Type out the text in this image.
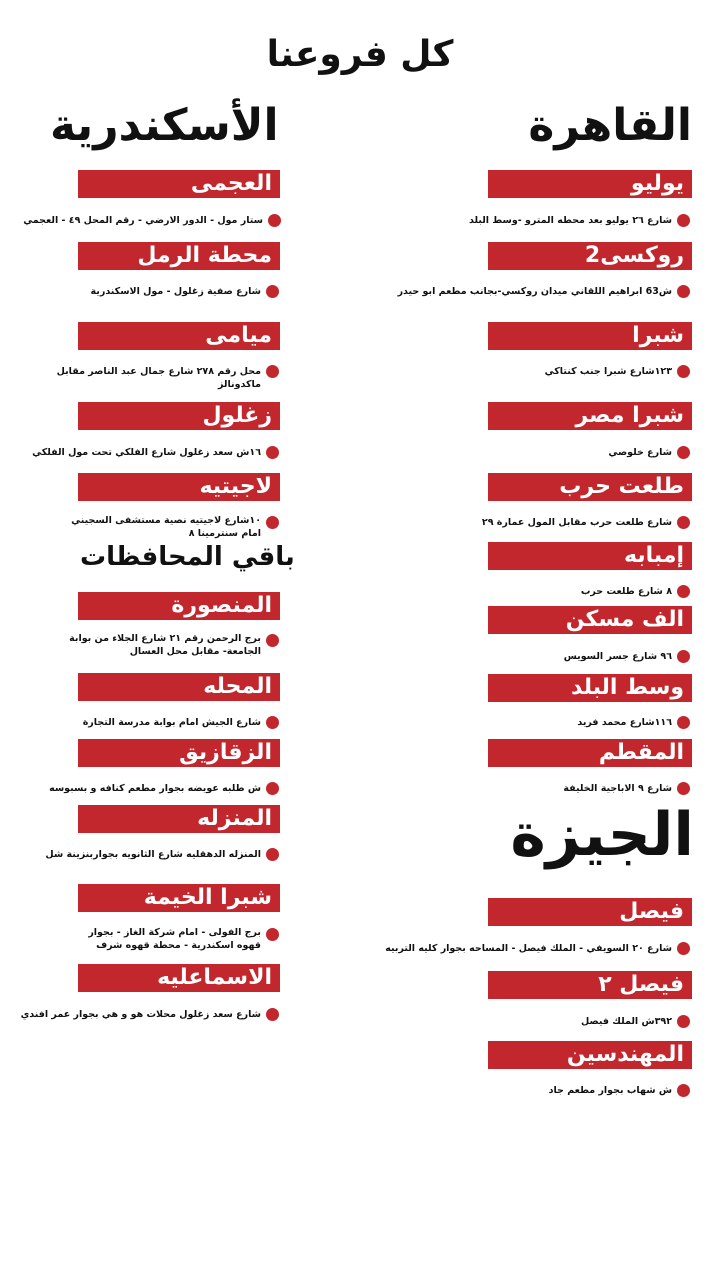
كل فروعنا
القاهرة
يوليو
شارع ٢٦ يوليو بعد محطه المترو -وسط البلد
روكسى2
ش63 ابراهيم اللقاني ميدان روكسي-بجانب مطعم ابو حيدر
شبرا
١٢٣شارع شبرا جنب كنتاكي
شبرا مصر
شارع خلوصي
طلعت حرب
شارع طلعت حرب مقابل المول عمارة ٢٩
إمبابه
٨ شارع طلعت حرب
الف مسكن
٩٦ شارع جسر السويس
وسط البلد
١١٦شارع محمد فريد
المقطم
شارع ٩ الاباجية الخليفة
الجيزة
فيصل
شارع ٢٠ السويفي - الملك فيصل - المساحه بجوار كليه التربيه
فيصل ٢
٣٩٢ش الملك فيصل
المهندسين
ش شهاب بجوار مطعم جاد
الأسكندرية
العجمى
ستار مول - الدور الارضي - رقم المحل ٤٩ - العجمي
محطة الرمل
شارع صفية زغلول - مول الاسكندرية
ميامى
محل رقم ٢٧٨ شارع جمال عبد الناصر مقابل ماكدونالز
زغلول
١٦ش سعد زغلول شارع الفلكي تحت مول الفلكي
لاجيتيه
١٠شارع لاجيتيه نصية مستشفى السجيني امام سنترمينا ٨
باقي المحافظات
المنصورة
برج الرحمن رقم ٢١ شارع الجلاء من بوابة الجامعة- مقابل محل العسال
المحله
شارع الجيش امام بوابة مدرسة التجارة
الزقازيق
ش طلبه عويضه بجوار مطعم كنافه و بسبوسه
المنزله
المنزله الدهقليه شارع الثانويه بجواربنزينة شل
شبرا الخيمة
برج الفولى - امام شركة الغاز - بجوار قهوه اسكندرية - محطة قهوه شرف
الاسماعليه
شارع سعد زغلول محلات هو و هي بجوار عمر افندي
